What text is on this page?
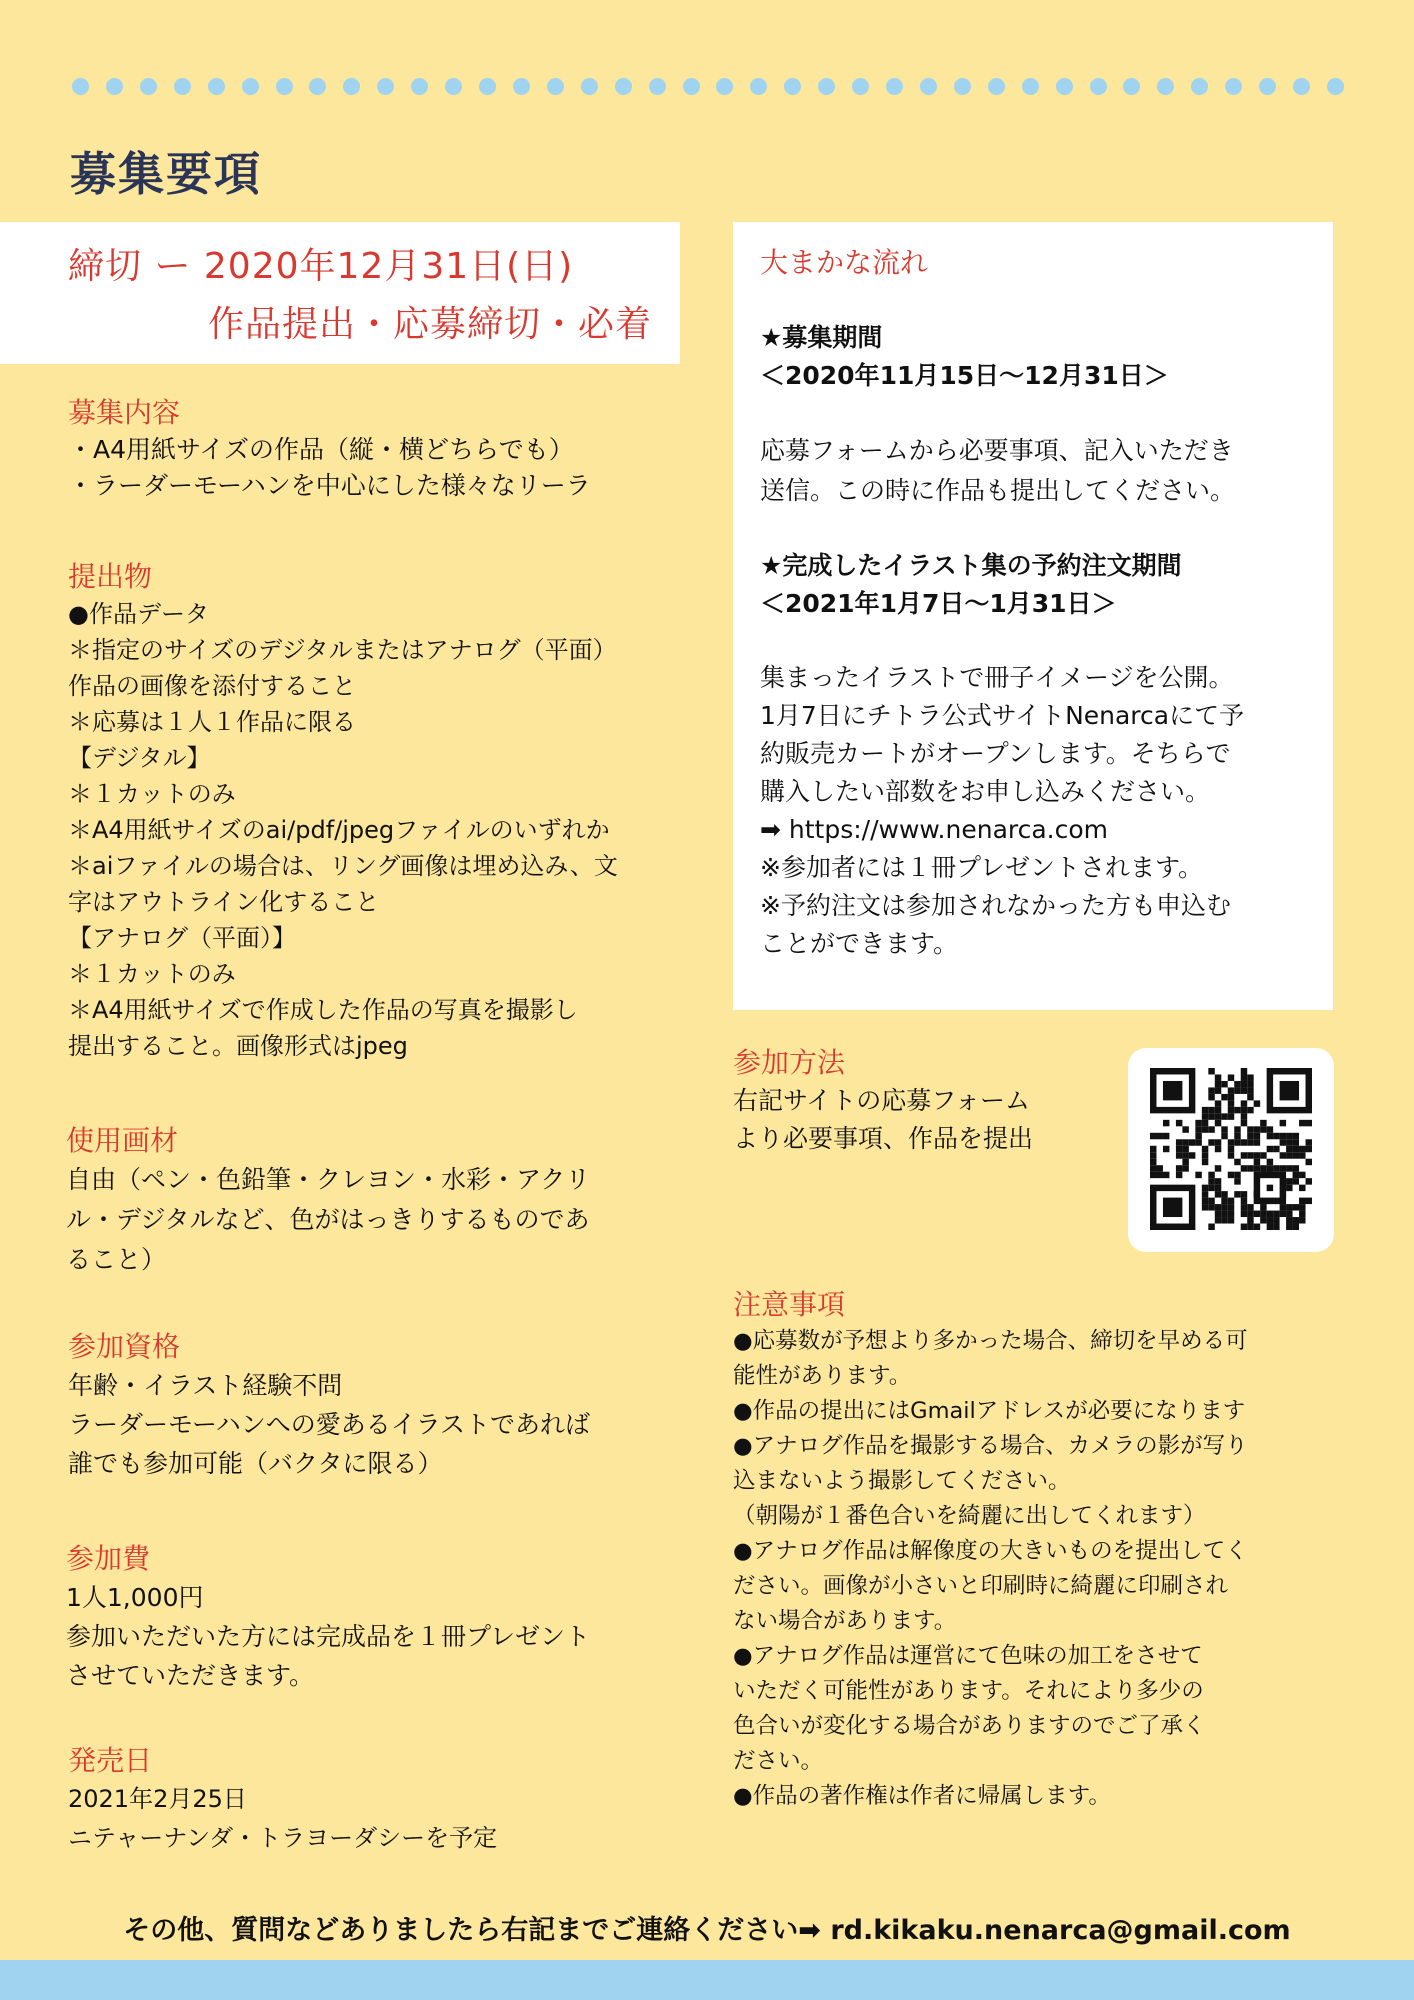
募集要項
締切 ー 2020年12月31日(日)
作品提出・応募締切・必着
募集内容
・A4用紙サイズの作品（縦・横どちらでも）
・ラーダーモーハンを中心にした様々なリーラ
提出物
●作品データ
＊指定のサイズのデジタルまたはアナログ（平面）
作品の画像を添付すること
＊応募は１人１作品に限る
【デジタル】
＊１カットのみ
＊A4用紙サイズのai/pdf/jpegファイルのいずれか
＊aiファイルの場合は、リング画像は埋め込み、文
字はアウトライン化すること
【アナログ（平面）】
＊１カットのみ
＊A4用紙サイズで作成した作品の写真を撮影し
提出すること。画像形式はjpeg
使用画材
自由（ペン・色鉛筆・クレヨン・水彩・アクリ
ル・デジタルなど、色がはっきりするものであ
ること）
参加資格
年齢・イラスト経験不問
ラーダーモーハンへの愛あるイラストであれば
誰でも参加可能（バクタに限る）
参加費
1人1,000円
参加いただいた方には完成品を１冊プレゼント
させていただきます。
発売日
2021年2月25日
ニテャーナンダ・トラヨーダシーを予定
大まかな流れ
★募集期間
＜2020年11月15日〜12月31日＞
応募フォームから必要事項、記入いただき
送信。この時に作品も提出してください。
★完成したイラスト集の予約注文期間
＜2021年1月7日〜1月31日＞
集まったイラストで冊子イメージを公開。
1月7日にチトラ公式サイトNenarcaにて予
約販売カートがオープンします。そちらで
購入したい部数をお申し込みください。
➡ https://www.nenarca.com
※参加者には１冊プレゼントされます。
※予約注文は参加されなかった方も申込む
ことができます。
参加方法
右記サイトの応募フォーム
より必要事項、作品を提出
注意事項
●応募数が予想より多かった場合、締切を早める可
能性があります。
●作品の提出にはGmailアドレスが必要になります
●アナログ作品を撮影する場合、カメラの影が写り
込まないよう撮影してください。
（朝陽が１番色合いを綺麗に出してくれます）
●アナログ作品は解像度の大きいものを提出してく
ださい。画像が小さいと印刷時に綺麗に印刷され
ない場合があります。
●アナログ作品は運営にて色味の加工をさせて
いただく可能性があります。それにより多少の
色合いが変化する場合がありますのでご了承く
ださい。
●作品の著作権は作者に帰属します。
その他、質問などありましたら右記までご連絡ください➡ rd.kikaku.nenarca@gmail.com
